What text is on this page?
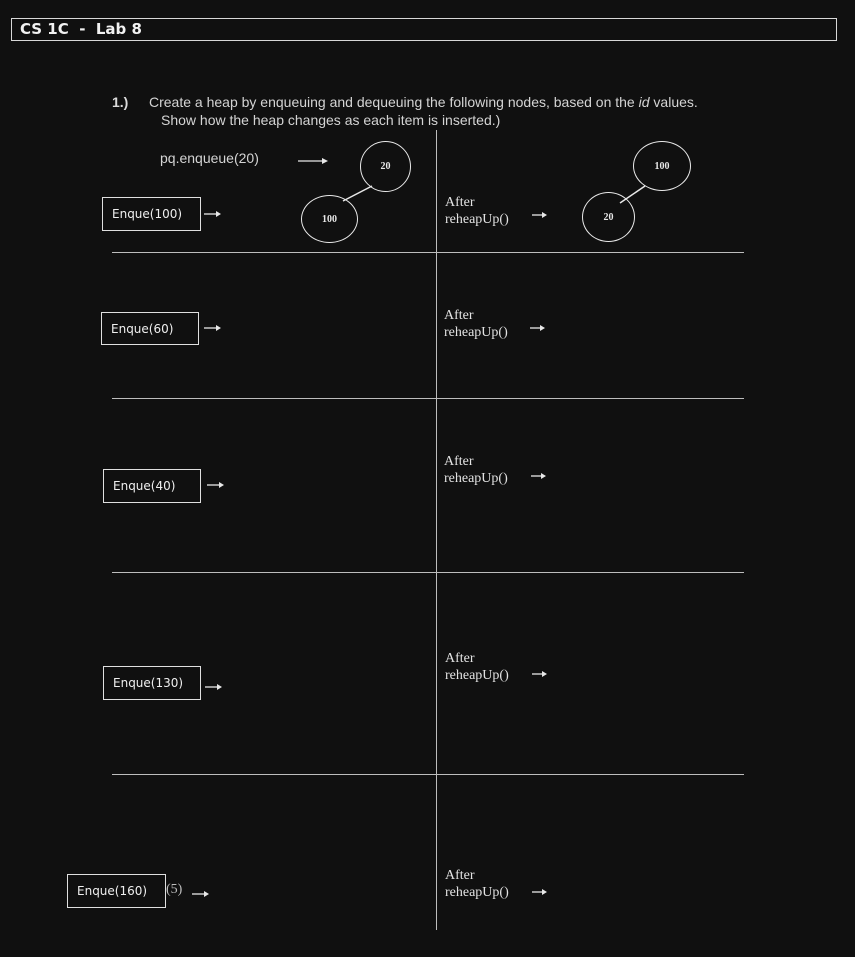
CS 1C  -  Lab 8
1.) Create a heap by enqueuing and dequeuing the following nodes, based on the id values.
Show how the heap changes as each item is inserted.)
pq.enqueue(20)
20
100
100
20
Enque(100)
After
reheapUp()
Enque(60)
After
reheapUp()
Enque(40)
After
reheapUp()
Enque(130)
After
reheapUp()
Enque(160)	(5)
After
reheapUp()
